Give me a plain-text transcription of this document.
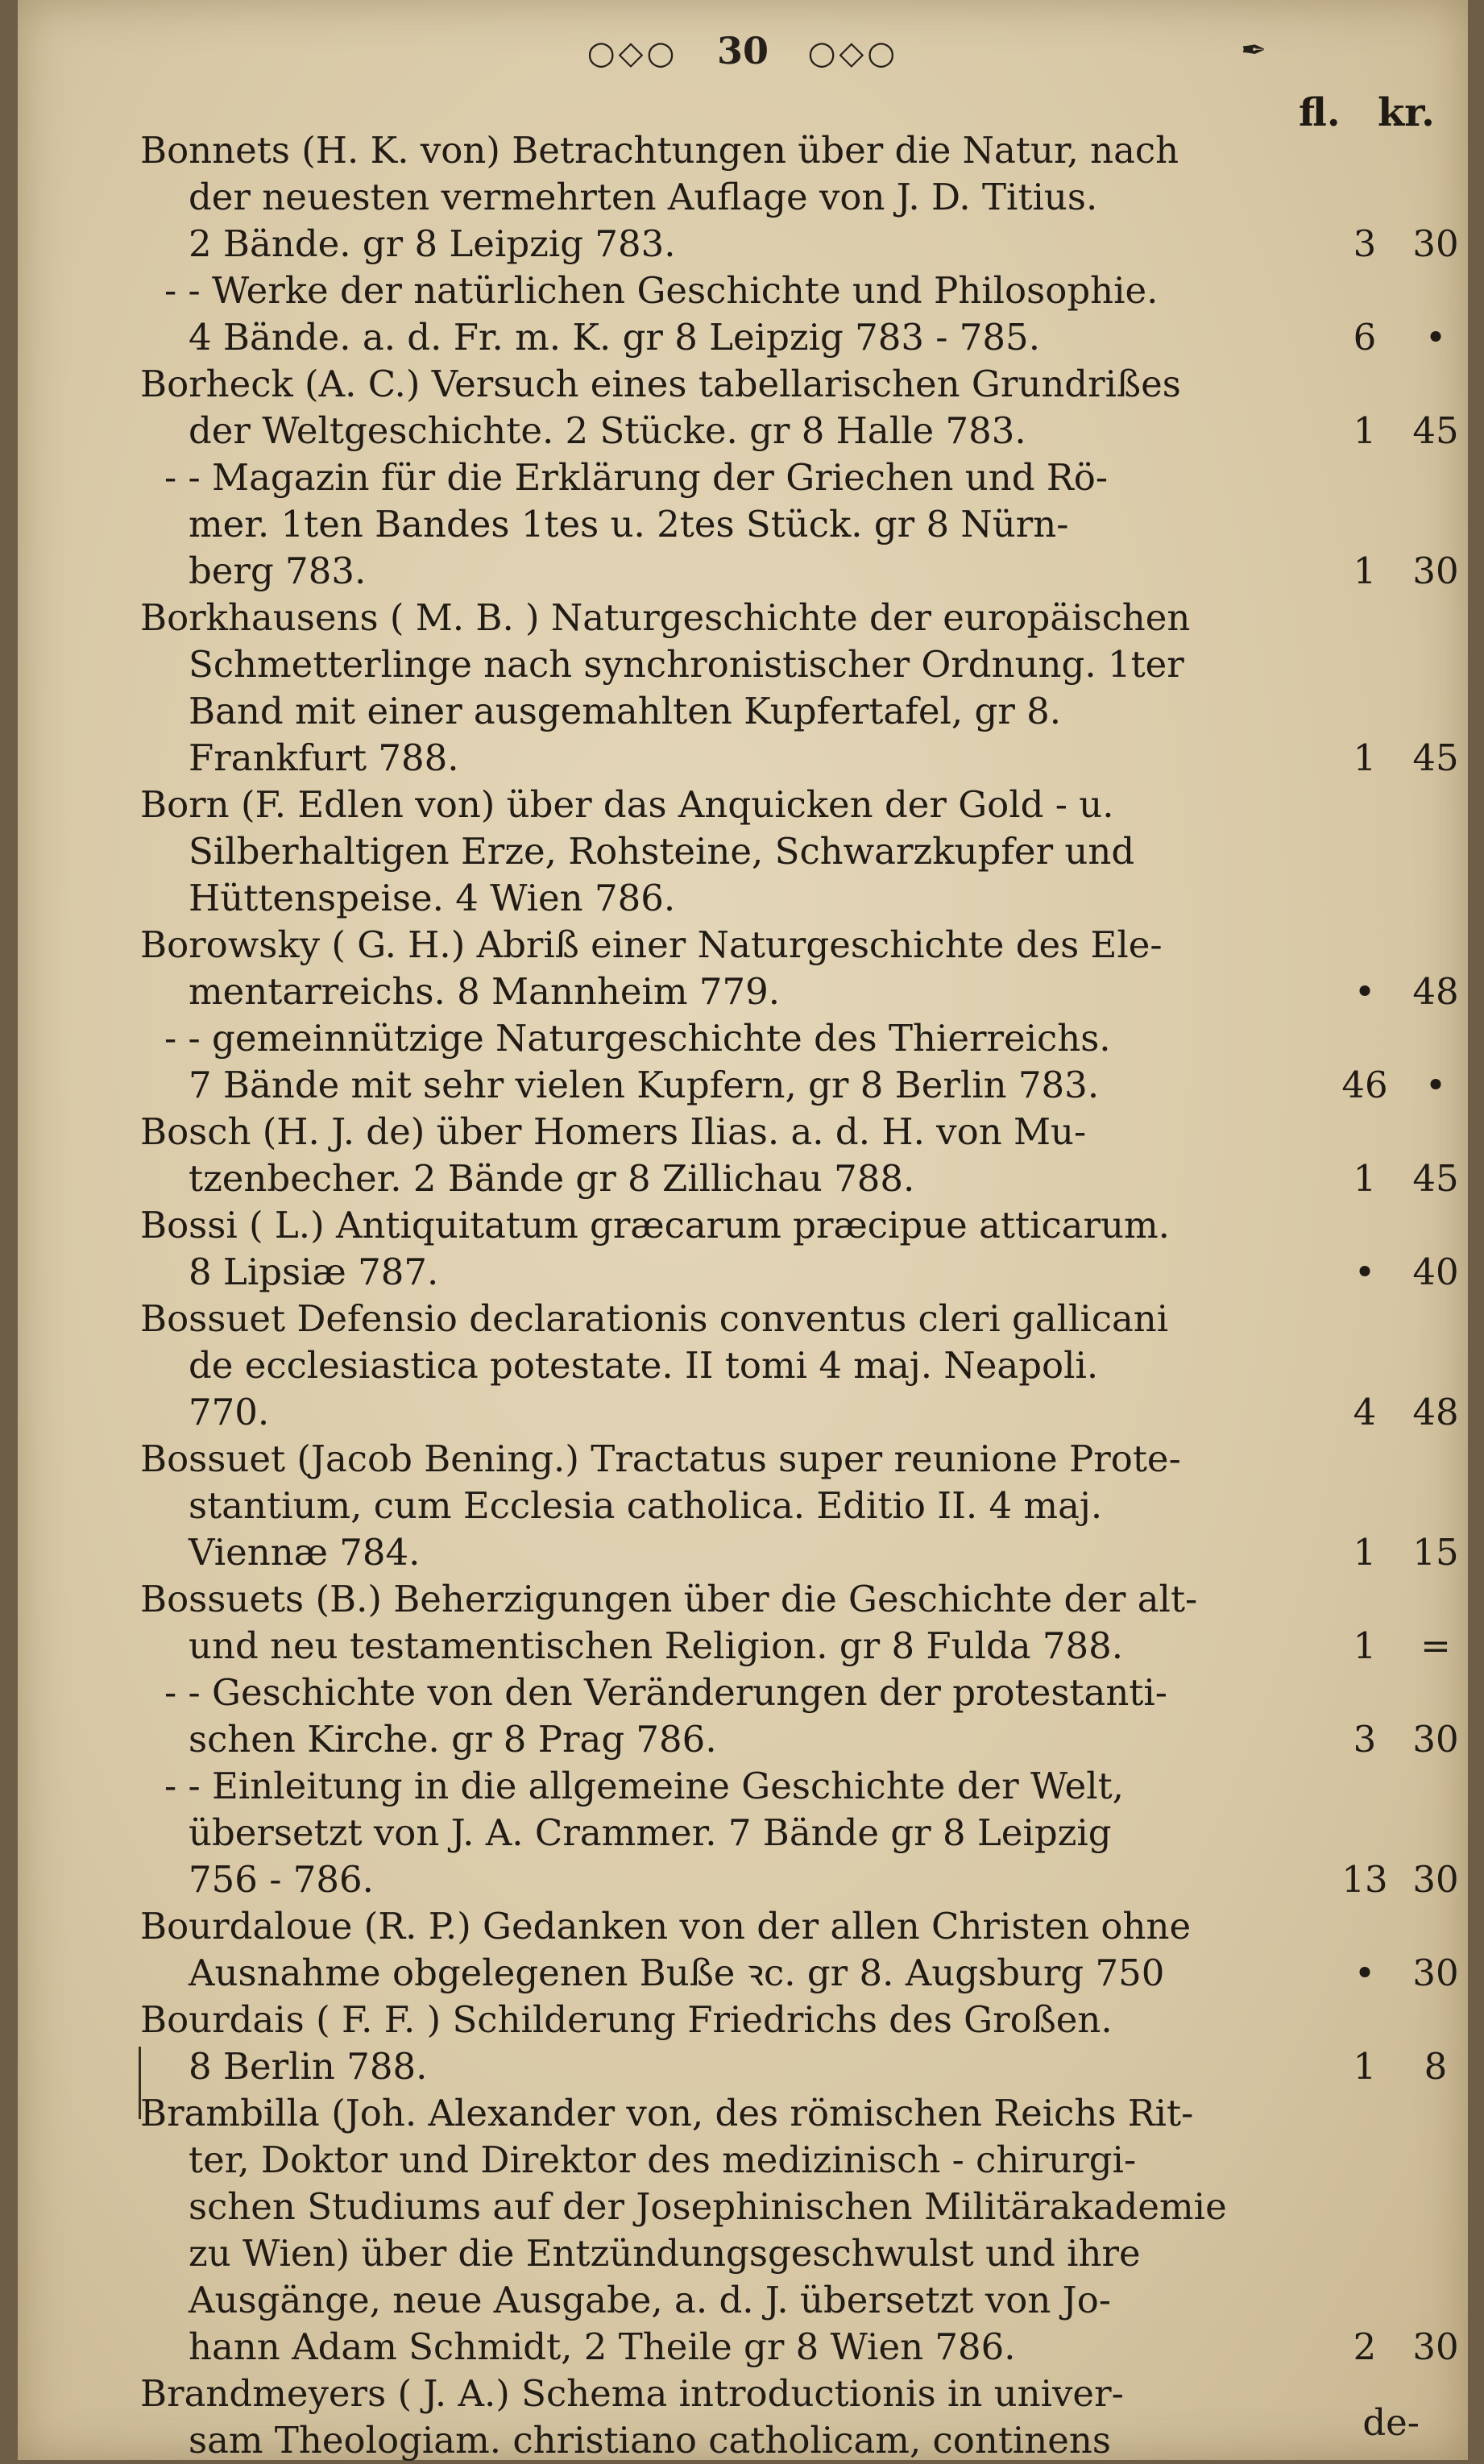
○◇○ 30 ○◇○	✒
fl. kr.
Bonnets (H. K. von) Betrachtungen über die Natur, nach
der neuesten vermehrten Auflage von J. D. Titius.
2 Bände. gr 8 Leipzig 783.	3	30
- - Werke der natürlichen Geschichte und Philosophie.
4 Bände. a. d. Fr. m. K. gr 8 Leipzig 783 - 785.	6	•
Borheck (A. C.) Versuch eines tabellarischen Grundrißes
der Weltgeschichte. 2 Stücke. gr 8 Halle 783.	1	45
- - Magazin für die Erklärung der Griechen und Rö-
mer. 1ten Bandes 1tes u. 2tes Stück. gr 8 Nürn-
berg 783.	1	30
Borkhausens ( M. B. ) Naturgeschichte der europäischen
Schmetterlinge nach synchronistischer Ordnung. 1ter
Band mit einer ausgemahlten Kupfertafel, gr 8.
Frankfurt 788.	1	45
Born (F. Edlen von) über das Anquicken der Gold - u.
Silberhaltigen Erze, Rohsteine, Schwarzkupfer und
Hüttenspeise. 4 Wien 786.
Borowsky ( G. H.) Abriß einer Naturgeschichte des Ele-
mentarreichs. 8 Mannheim 779.	•	48
- - gemeinnützige Naturgeschichte des Thierreichs.
7 Bände mit sehr vielen Kupfern, gr 8 Berlin 783.	46	•
Bosch (H. J. de) über Homers Ilias. a. d. H. von Mu-
tzenbecher. 2 Bände gr 8 Zillichau 788.	1	45
Bossi ( L.) Antiquitatum græcarum præcipue atticarum.
8 Lipsiæ 787.	•	40
Bossuet Defensio declarationis conventus cleri gallicani
de ecclesiastica potestate. II tomi 4 maj. Neapoli.
770.	4	48
Bossuet (Jacob Bening.) Tractatus super reunione Prote-
stantium, cum Ecclesia catholica. Editio II. 4 maj.
Viennæ 784.	1	15
Bossuets (B.) Beherzigungen über die Geschichte der alt-
und neu testamentischen Religion. gr 8 Fulda 788.	1	=
- - Geschichte von den Veränderungen der protestanti-
schen Kirche. gr 8 Prag 786.	3	30
- - Einleitung in die allgemeine Geschichte der Welt,
übersetzt von J. A. Crammer. 7 Bände gr 8 Leipzig
756 - 786.	13 30
Bourdaloue (R. P.) Gedanken von der allen Christen ohne
Ausnahme obgelegenen Buße ꝛc. gr 8. Augsburg 750	•	30
Bourdais ( F. F. ) Schilderung Friedrichs des Großen.
8 Berlin 788.	1	8
Brambilla (Joh. Alexander von, des römischen Reichs Rit-
ter, Doktor und Direktor des medizinisch - chirurgi-
schen Studiums auf der Josephinischen Militärakademie
zu Wien) über die Entzündungsgeschwulst und ihre
Ausgänge, neue Ausgabe, a. d. J. übersetzt von Jo-
hann Adam Schmidt, 2 Theile gr 8 Wien 786.	2	30
Brandmeyers ( J. A.) Schema introductionis in univer-
sam Theologiam. christiano catholicam, continens	de-
